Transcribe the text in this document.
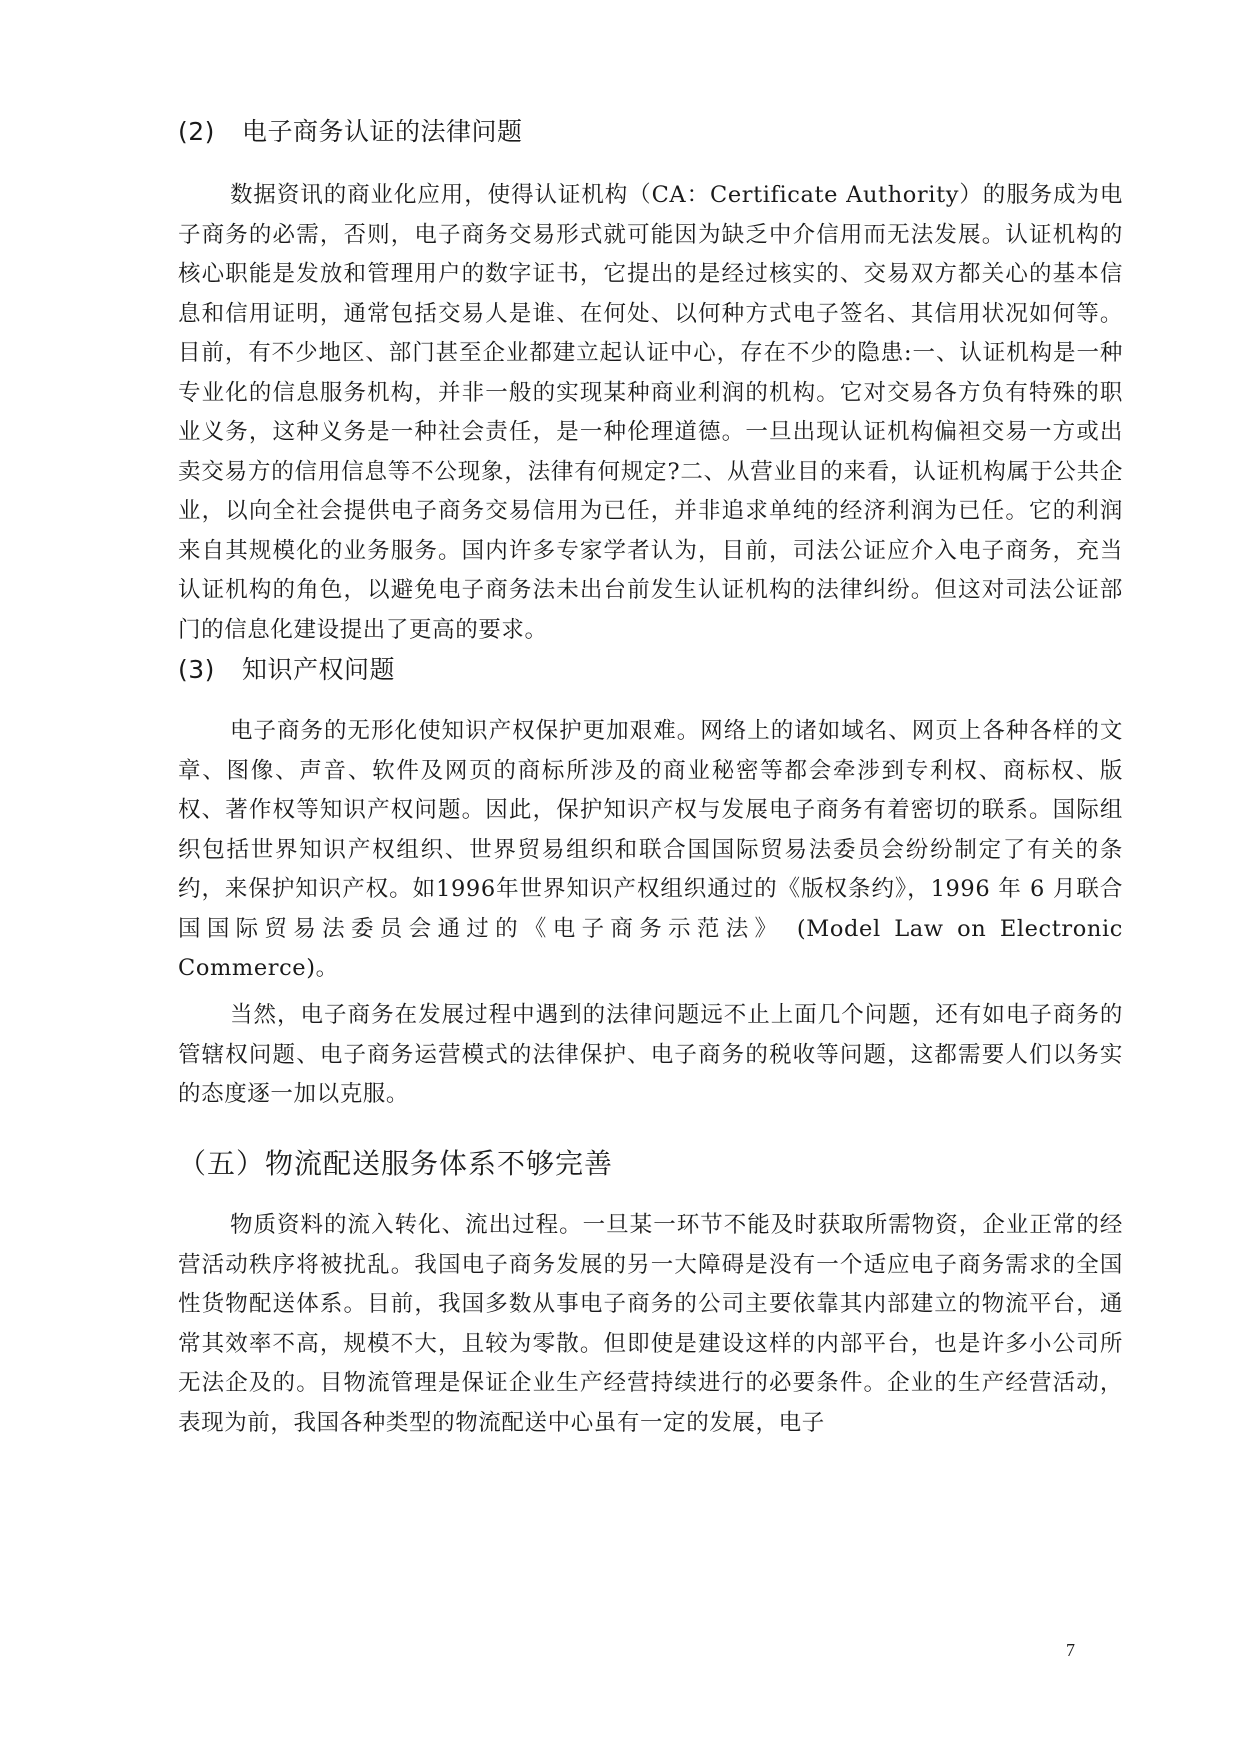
(2) 电子商务认证的法律问题
数据资讯的商业化应用，使得认证机构（CA：Certificate Authority）的服务成为电子商务的必需，否则，电子商务交易形式就可能因为缺乏中介信用而无法发展。认证机构的核心职能是发放和管理用户的数字证书，它提出的是经过核实的、交易双方都关心的基本信息和信用证明，通常包括交易人是谁、在何处、以何种方式电子签名、其信用状况如何等。目前，有不少地区、部门甚至企业都建立起认证中心，存在不少的隐患:一、认证机构是一种专业化的信息服务机构，并非一般的实现某种商业利润的机构。它对交易各方负有特殊的职业义务，这种义务是一种社会责任，是一种伦理道德。一旦出现认证机构偏袒交易一方或出卖交易方的信用信息等不公现象，法律有何规定?二、从营业目的来看，认证机构属于公共企业，以向全社会提供电子商务交易信用为已任，并非追求单纯的经济利润为已任。它的利润来自其规模化的业务服务。国内许多专家学者认为，目前，司法公证应介入电子商务，充当认证机构的角色，以避免电子商务法未出台前发生认证机构的法律纠纷。但这对司法公证部门的信息化建设提出了更高的要求。
(3) 知识产权问题
电子商务的无形化使知识产权保护更加艰难。网络上的诸如域名、网页上各种各样的文章、图像、声音、软件及网页的商标所涉及的商业秘密等都会牵涉到专利权、商标权、版权、著作权等知识产权问题。因此，保护知识产权与发展电子商务有着密切的联系。国际组织包括世界知识产权组织、世界贸易组织和联合国国际贸易法委员会纷纷制定了有关的条约，来保护知识产权。如1996年世界知识产权组织通过的《版权条约》，1996 年 6 月联合国国际贸易法委员会通过的《电子商务示范法》 (Model Law on Electronic Commerce)。
当然，电子商务在发展过程中遇到的法律问题远不止上面几个问题，还有如电子商务的管辖权问题、电子商务运营模式的法律保护、电子商务的税收等问题，这都需要人们以务实的态度逐一加以克服。
（五）物流配送服务体系不够完善
物质资料的流入转化、流出过程。一旦某一环节不能及时获取所需物资，企业正常的经营活动秩序将被扰乱。我国电子商务发展的另一大障碍是没有一个适应电子商务需求的全国性货物配送体系。目前，我国多数从事电子商务的公司主要依靠其内部建立的物流平台，通常其效率不高，规模不大，且较为零散。但即使是建设这样的内部平台，也是许多小公司所无法企及的。目物流管理是保证企业生产经营持续进行的必要条件。企业的生产经营活动，表现为前，我国各种类型的物流配送中心虽有一定的发展，电子
7
